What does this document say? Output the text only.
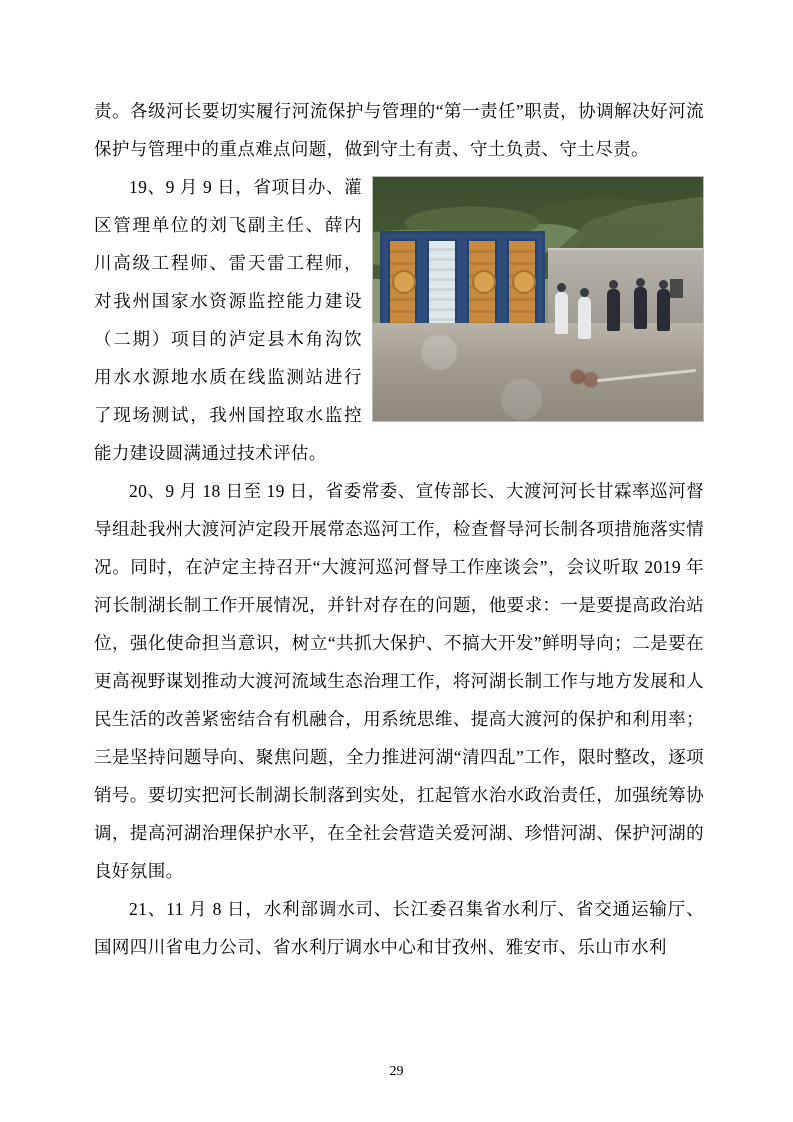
责。各级河长要切实履行河流保护与管理的“第一责任”职责，协调解决好河流保护与管理中的重点难点问题，做到守土有责、守土负责、守土尽责。

19、9 月 9 日，省项目办、灌区管理单位的刘飞副主任、薛内川高级工程师、雷天雷工程师，对我州国家水资源监控能力建设（二期）项目的泸定县木角沟饮用水水源地水质在线监测站进行了现场测试，我州国控取水监控能力建设圆满通过技术评估。

20、9 月 18 日至 19 日，省委常委、宣传部长、大渡河河长甘霖率巡河督导组赴我州大渡河泸定段开展常态巡河工作，检查督导河长制各项措施落实情况。同时，在泸定主持召开“大渡河巡河督导工作座谈会”，会议听取 2019 年河长制湖长制工作开展情况，并针对存在的问题，他要求：一是要提高政治站位，强化使命担当意识，树立“共抓大保护、不搞大开发”鲜明导向；二是要在更高视野谋划推动大渡河流域生态治理工作，将河湖长制工作与地方发展和人民生活的改善紧密结合有机融合，用系统思维、提高大渡河的保护和利用率；三是坚持问题导向、聚焦问题，全力推进河湖“清四乱”工作，限时整改，逐项销号。要切实把河长制湖长制落到实处，扛起管水治水政治责任，加强统筹协调，提高河湖治理保护水平，在全社会营造关爱河湖、珍惜河湖、保护河湖的良好氛围。

21、11 月 8 日，水利部调水司、长江委召集省水利厅、省交通运输厅、国网四川省电力公司、省水利厅调水中心和甘孜州、雅安市、乐山市水利

29
